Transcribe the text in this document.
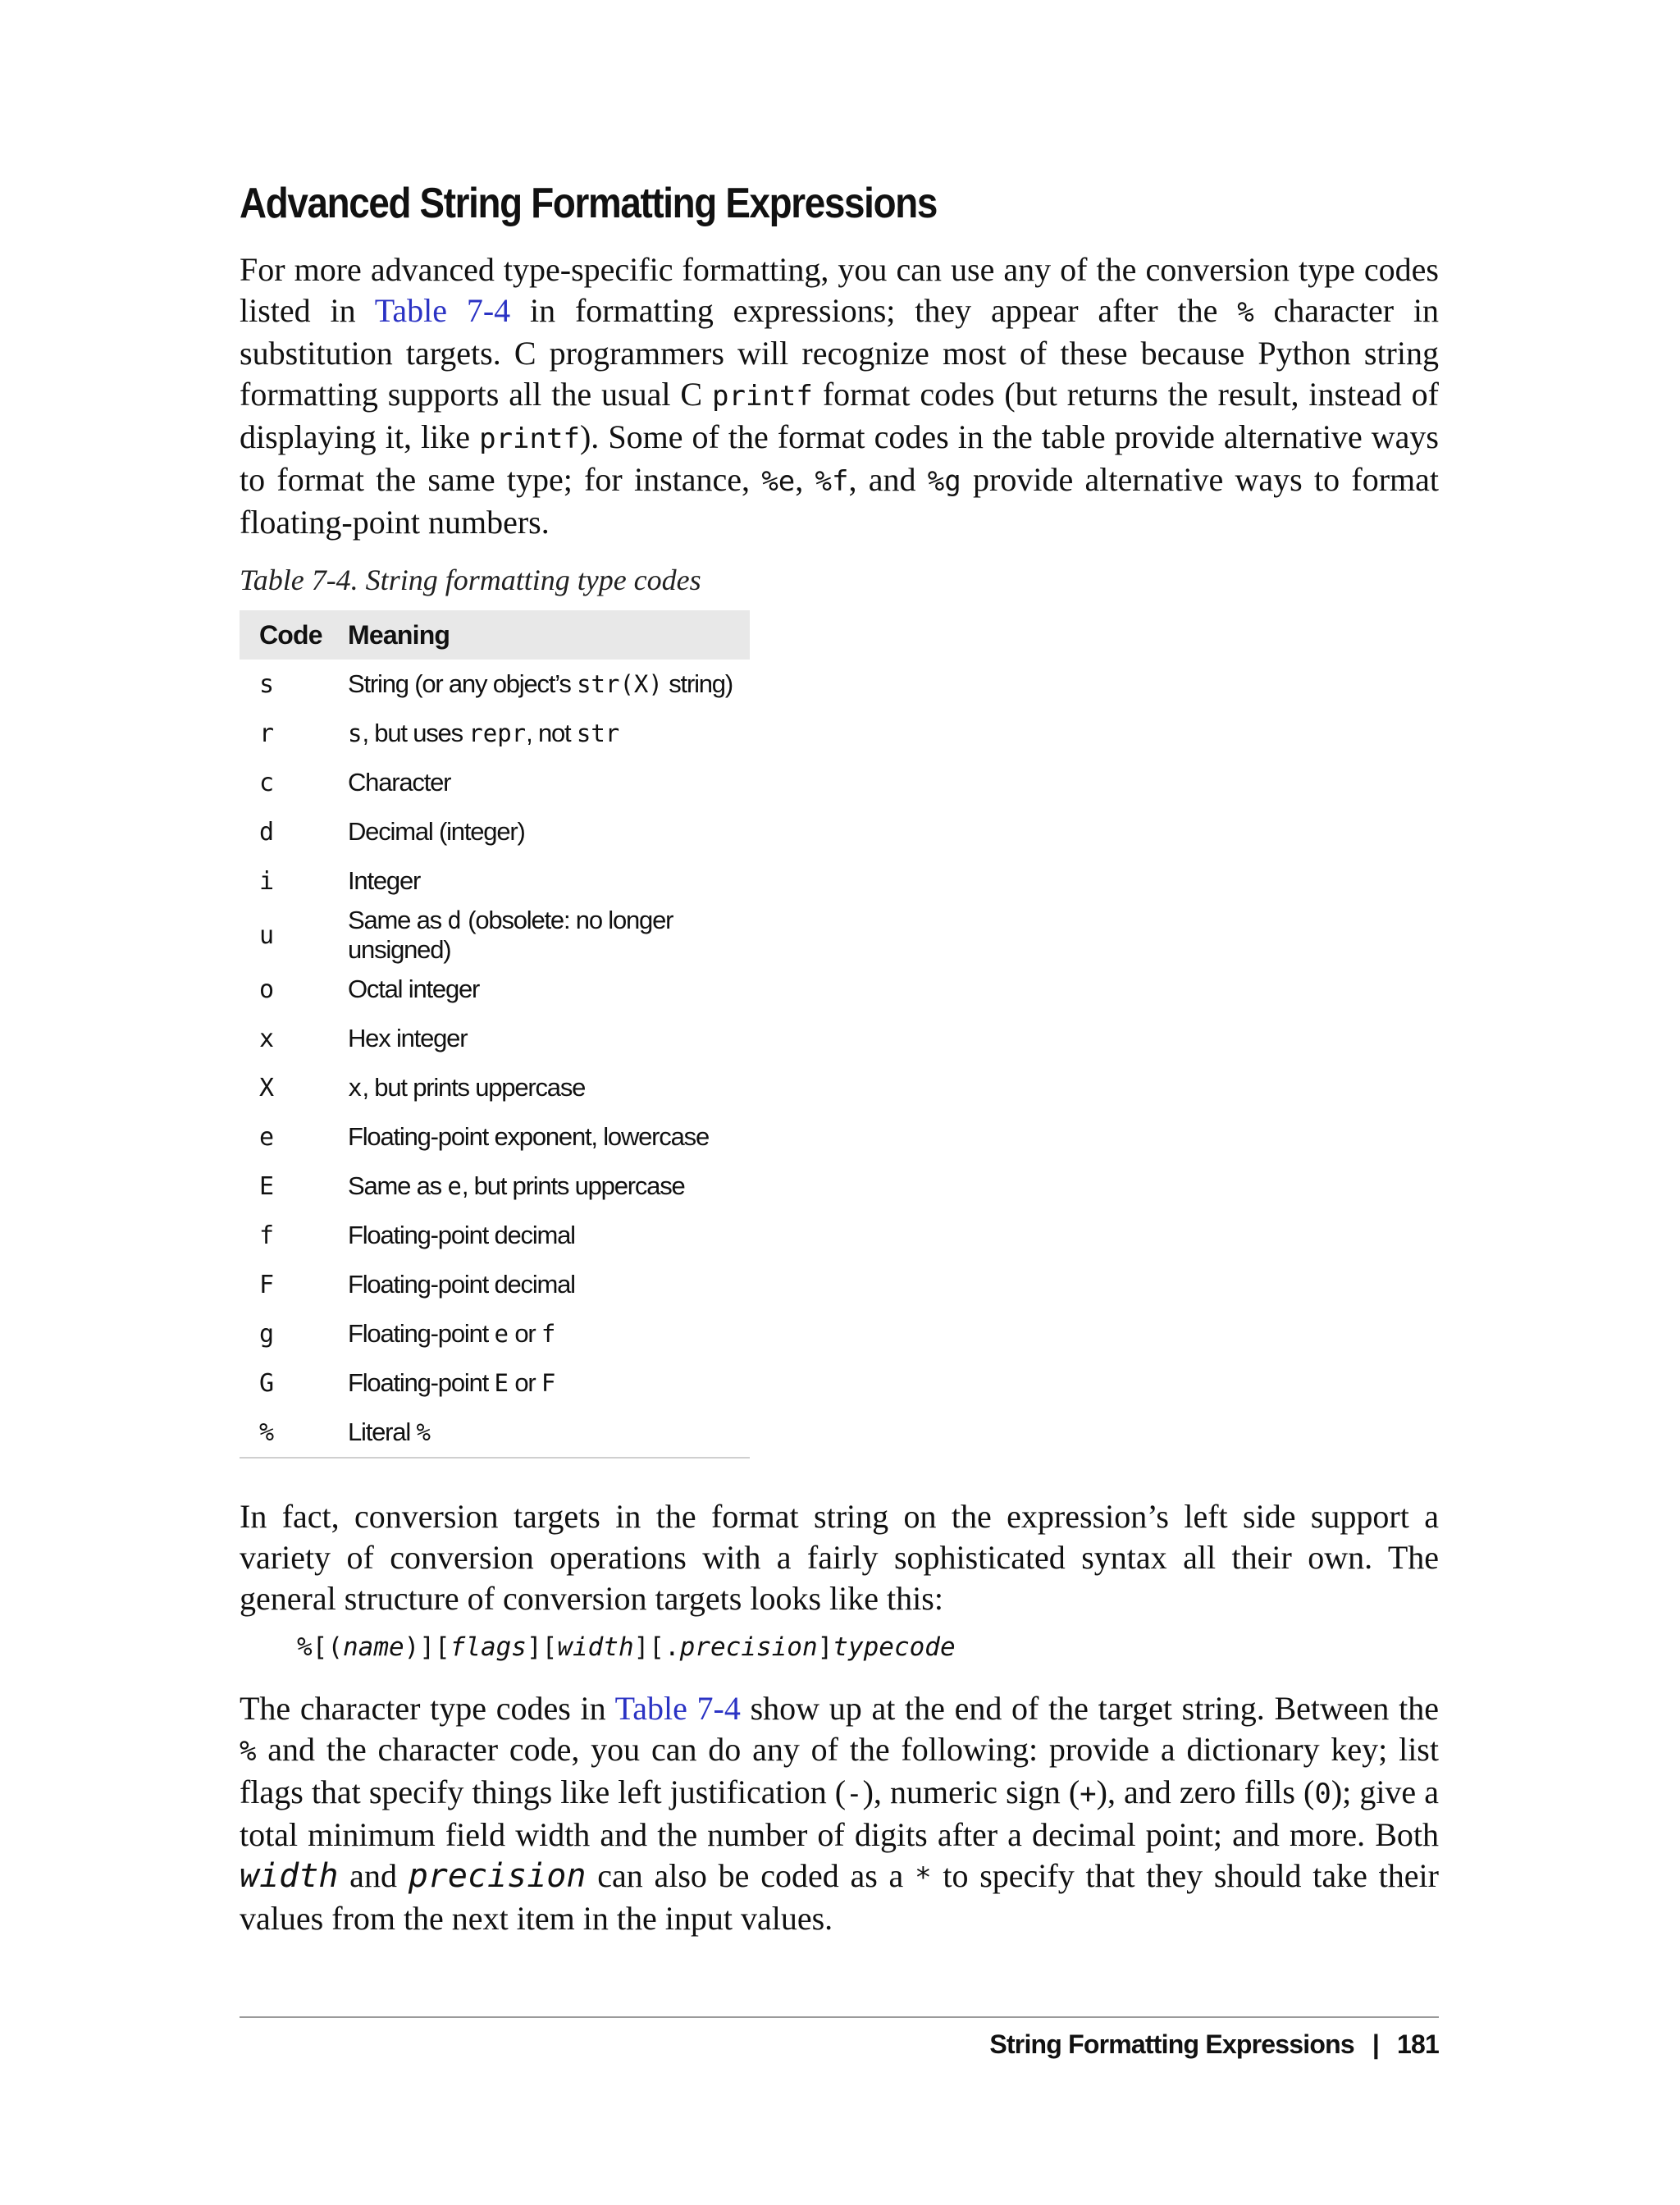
Advanced String Formatting Expressions

For more advanced type-specific formatting, you can use any of the conversion type codes listed in Table 7-4 in formatting expressions; they appear after the % character in substitution targets. C programmers will recognize most of these because Python string formatting supports all the usual C printf format codes (but returns the result, instead of displaying it, like printf). Some of the format codes in the table provide alternative ways to format the same type; for instance, %e, %f, and %g provide alternative ways to format floating-point numbers.

Table 7-4. String formatting type codes

Code	Meaning
s	String (or any object’s str(X) string)
r	s, but uses repr, not str
c	Character
d	Decimal (integer)
i	Integer
u	Same as d (obsolete: no longer unsigned)
o	Octal integer
x	Hex integer
X	x, but prints uppercase
e	Floating-point exponent, lowercase
E	Same as e, but prints uppercase
f	Floating-point decimal
F	Floating-point decimal
g	Floating-point e or f
G	Floating-point E or F
%	Literal %

In fact, conversion targets in the format string on the expression’s left side support a variety of conversion operations with a fairly sophisticated syntax all their own. The general structure of conversion targets looks like this:

%[(name)][flags][width][.precision]typecode

The character type codes in Table 7-4 show up at the end of the target string. Between the % and the character code, you can do any of the following: provide a dictionary key; list flags that specify things like left justification (-), numeric sign (+), and zero fills (0); give a total minimum field width and the number of digits after a decimal point; and more. Both width and precision can also be coded as a * to specify that they should take their values from the next item in the input values.

String Formatting Expressions | 181
